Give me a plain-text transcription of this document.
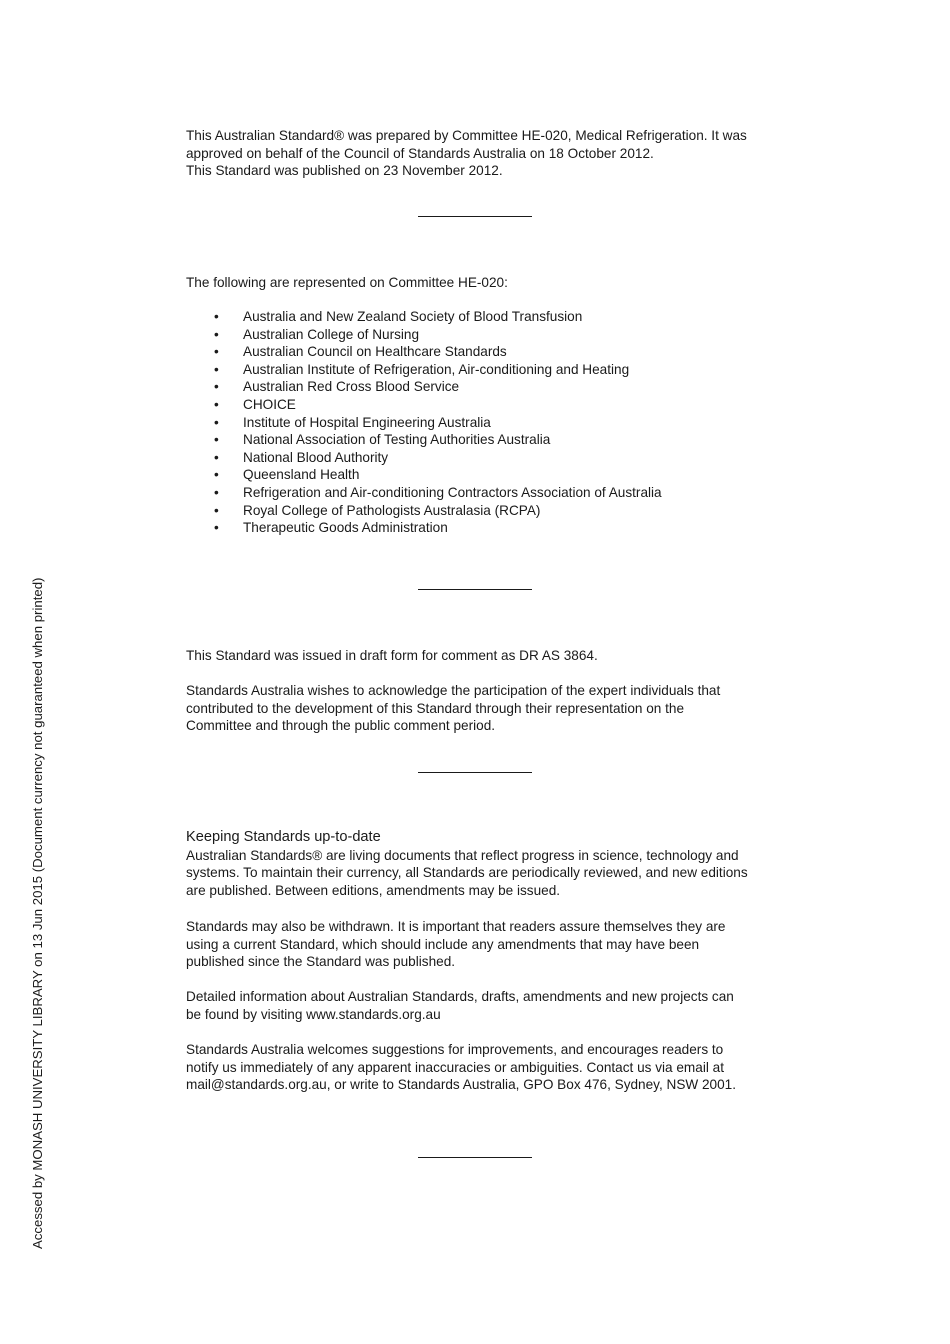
This Australian Standard® was prepared by Committee HE-020, Medical Refrigeration. It was

approved on behalf of the Council of Standards Australia on 18 October 2012.

This Standard was published on 23 November 2012.

The following are represented on Committee HE-020:

• Australia and New Zealand Society of Blood Transfusion
• Australian College of Nursing
• Australian Council on Healthcare Standards
• Australian Institute of Refrigeration, Air-conditioning and Heating
• Australian Red Cross Blood Service
• CHOICE
• Institute of Hospital Engineering Australia
• National Association of Testing Authorities Australia
• National Blood Authority
• Queensland Health
• Refrigeration and Air-conditioning Contractors Association of Australia
• Royal College of Pathologists Australasia (RCPA)
• Therapeutic Goods Administration

This Standard was issued in draft form for comment as DR AS 3864.

Standards Australia wishes to acknowledge the participation of the expert individuals that

contributed to the development of this Standard through their representation on the

Committee and through the public comment period.

Keeping Standards up-to-date

Australian Standards® are living documents that reflect progress in science, technology and

systems. To maintain their currency, all Standards are periodically reviewed, and new editions

are published. Between editions, amendments may be issued.

Standards may also be withdrawn. It is important that readers assure themselves they are

using a current Standard, which should include any amendments that may have been

published since the Standard was published.

Detailed information about Australian Standards, drafts, amendments and new projects can

be found by visiting www.standards.org.au

Standards Australia welcomes suggestions for improvements, and encourages readers to

notify us immediately of any apparent inaccuracies or ambiguities. Contact us via email at

mail@standards.org.au, or write to Standards Australia, GPO Box 476, Sydney, NSW 2001.

Accessed by MONASH UNIVERSITY LIBRARY on 13 Jun 2015 (Document currency not guaranteed when printed)
